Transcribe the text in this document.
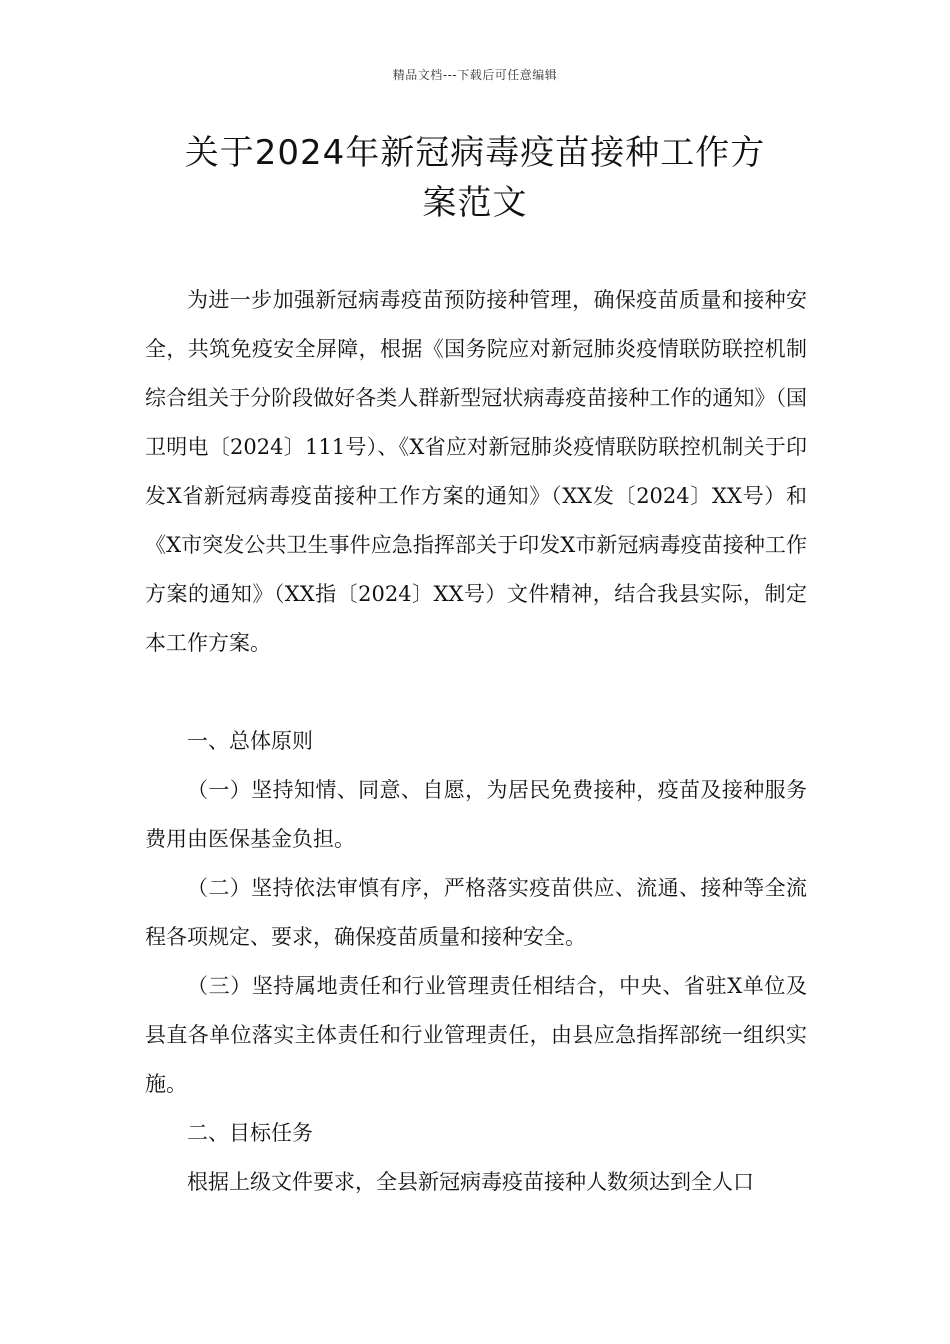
精品文档---下载后可任意编辑
关于2024年新冠病毒疫苗接种工作方
案范文

为进一步加强新冠病毒疫苗预防接种管理，确保疫苗质量和接种安全，共筑免疫安全屏障，根据《国务院应对新冠肺炎疫情联防联控机制综合组关于分阶段做好各类人群新型冠状病毒疫苗接种工作的通知》（国卫明电〔2024〕111号）、《X省应对新冠肺炎疫情联防联控机制关于印发X省新冠病毒疫苗接种工作方案的通知》（XX发〔2024〕XX号）和《X市突发公共卫生事件应急指挥部关于印发X市新冠病毒疫苗接种工作方案的通知》（XX指〔2024〕XX号）文件精神，结合我县实际，制定本工作方案。

一、总体原则

（一）坚持知情、同意、自愿，为居民免费接种，疫苗及接种服务费用由医保基金负担。

（二）坚持依法审慎有序，严格落实疫苗供应、流通、接种等全流程各项规定、要求，确保疫苗质量和接种安全。

（三）坚持属地责任和行业管理责任相结合，中央、省驻X单位及县直各单位落实主体责任和行业管理责任，由县应急指挥部统一组织实施。

二、目标任务

根据上级文件要求，全县新冠病毒疫苗接种人数须达到全人口
